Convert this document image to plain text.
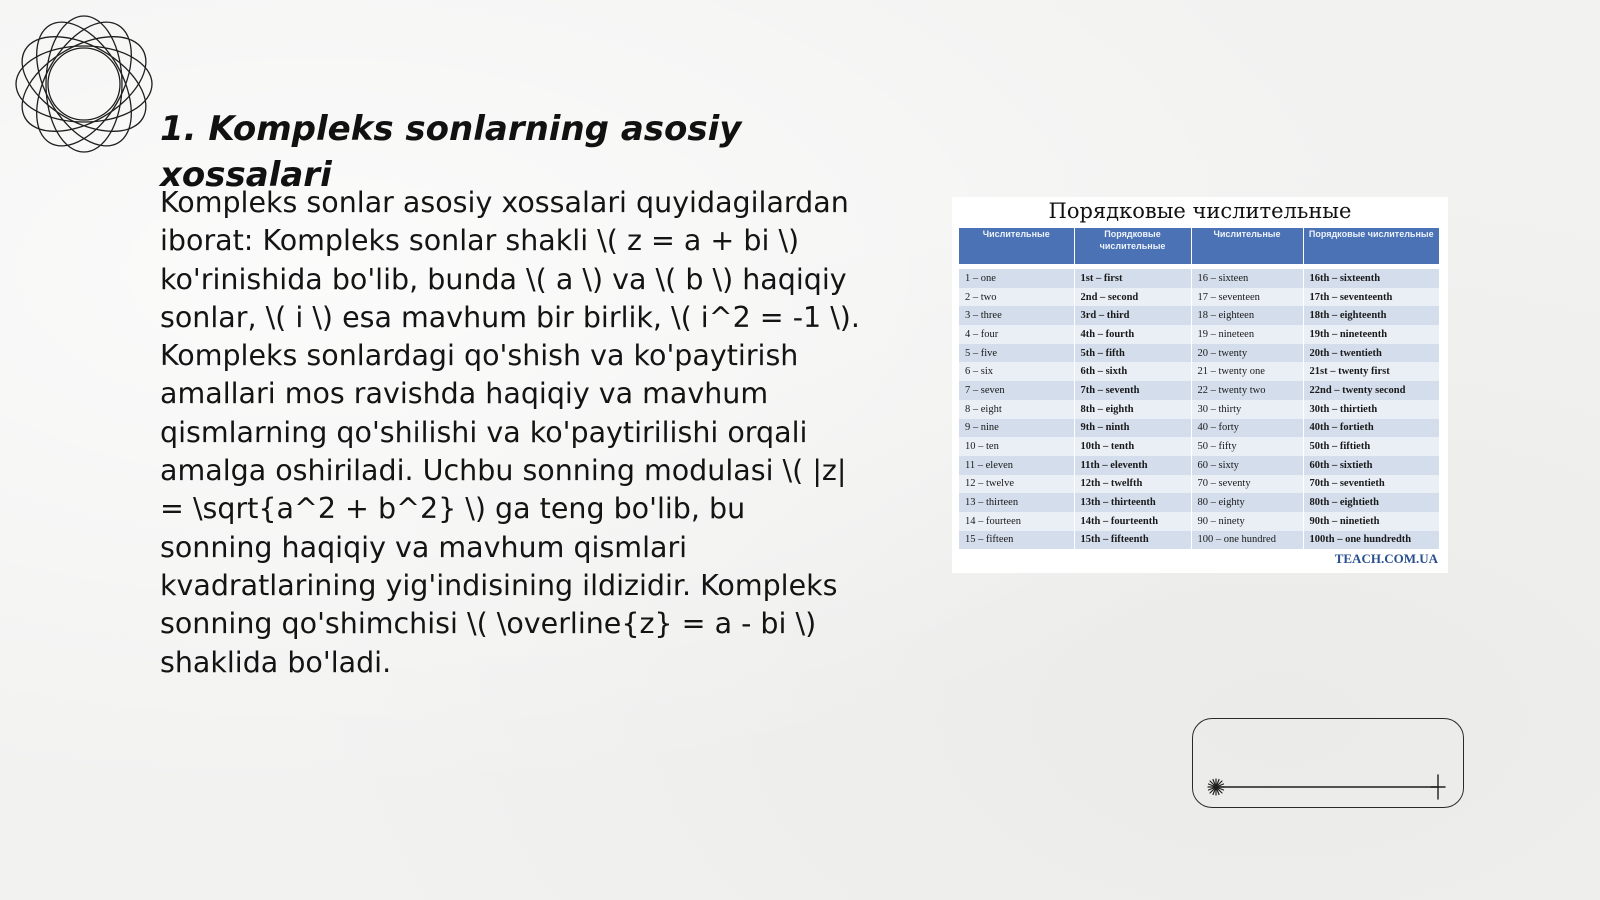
1. Kompleks sonlarning asosiy xossalari

Kompleks sonlar asosiy xossalari quyidagilardan iborat: Kompleks sonlar shakli \( z = a + bi \) ko'rinishida bo'lib, bunda \( a \) va \( b \) haqiqiy sonlar, \( i \) esa mavhum bir birlik, \( i^2 = -1 \). Kompleks sonlardagi qo'shish va ko'paytirish amallari mos ravishda haqiqiy va mavhum qismlarning qo'shilishi va ko'paytirilishi orqali amalga oshiriladi. Uchbu sonning modulasi \( |z| = \sqrt{a^2 + b^2} \) ga teng bo'lib, bu sonning haqiqiy va mavhum qismlari kvadratlarining yig'indisining ildizidir. Kompleks sonning qo'shimchisi \( \overline{z} = a - bi \) shaklida bo'ladi.

Порядковые числительные
Числительные	Порядковые числительные	Числительные	Порядковые числительные

1 – one	1st – first	16 – sixteen	16th – sixteenth
2 – two	2nd – second	17 – seventeen	17th – seventeenth
3 – three	3rd – third	18 – eighteen	18th – eighteenth
4 – four	4th – fourth	19 – nineteen	19th – nineteenth
5 – five	5th – fifth	20 – twenty	20th – twentieth
6 – six	6th – sixth	21 – twenty one	21st – twenty first
7 – seven	7th – seventh	22 – twenty two	22nd – twenty second
8 – eight	8th – eighth	30 – thirty	30th – thirtieth
9 – nine	9th – ninth	40 – forty	40th – fortieth
10 – ten	10th – tenth	50 – fifty	50th – fiftieth
11 – eleven	11th – eleventh	60 – sixty	60th – sixtieth
12 – twelve	12th – twelfth	70 – seventy	70th – seventieth
13 – thirteen	13th – thirteenth	80 – eighty	80th – eightieth
14 – fourteen	14th – fourteenth	90 – ninety	90th – ninetieth
15 – fifteen	15th – fifteenth	100 – one hundred	100th – one hundredth
TEACH.COM.UA
